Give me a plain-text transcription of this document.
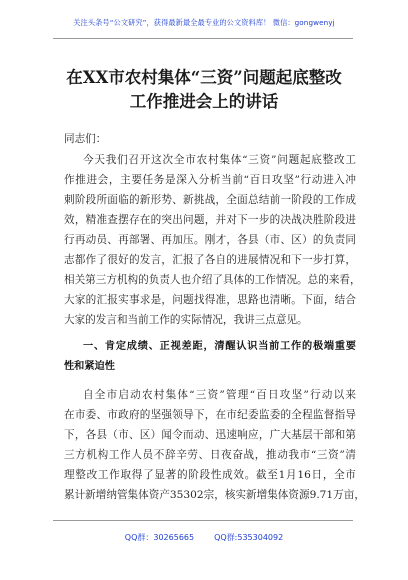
关注头条号“公文研究”，获得最新最全最专业的公文资料库！ 微信：gongwenyj
在XX市农村集体“三资”问题起底整改
工作推进会上的讲话
同志们：
今天我们召开这次全市农村集体“三资”问题起底整改工
作推进会，主要任务是深入分析当前“百日攻坚”行动进入冲
刺阶段所面临的新形势、新挑战，全面总结前一阶段的工作成
效，精准查摆存在的突出问题，并对下一步的决战决胜阶段进
行再动员、再部署、再加压。刚才，各县（市、区）的负责同
志都作了很好的发言，汇报了各自的进展情况和下一步打算，
相关第三方机构的负责人也介绍了具体的工作情况。总的来看，
大家的汇报实事求是，问题找得准，思路也清晰。下面，结合
大家的发言和当前工作的实际情况，我讲三点意见。
一、肯定成绩、正视差距，清醒认识当前工作的极端重要
性和紧迫性
自全市启动农村集体“三资”管理“百日攻坚”行动以来
在市委、市政府的坚强领导下，在市纪委监委的全程监督指导
下，各县（市、区）闻令而动、迅速响应，广大基层干部和第
三方机构工作人员不辞辛劳、日夜奋战，推动我市“三资”清
理整改工作取得了显著的阶段性成效。截至1月16日，全市
累计新增纳管集体资产35302宗，核实新增集体资源9.71万亩，
QQ群：30265665	QQ群:535304092
